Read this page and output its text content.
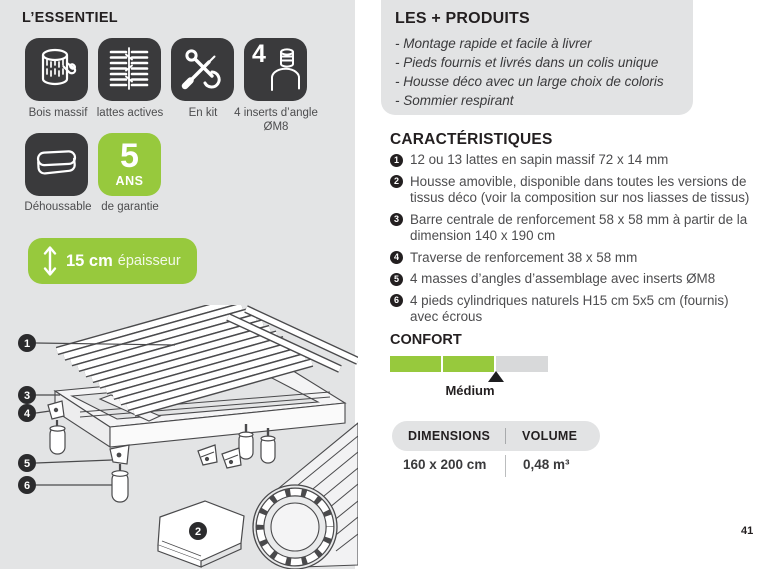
L’ESSENTIEL
4
Bois massif lattes actives	En kit	4 inserts d’angle ØM8
5
ANS
Déhoussable de garantie
15 cm épaisseur
1
3
4
5
6
2
LES + PRODUITS
- Montage rapide et facile à livrer
- Pieds fournis et livrés dans un colis unique
- Housse déco avec un large choix de coloris
- Sommier respirant
CARACTÉRISTIQUES
1 12 ou 13 lattes en sapin massif 72 x 14 mm
2 Housse amovible, disponible dans toutes les versions de tissus déco (voir la composition sur nos liasses de tissus)
3 Barre centrale de renforcement 58 x 58 mm à partir de la dimension 140 x 190 cm
4 Traverse de renforcement 38 x 58 mm
5 4 masses d’angles d’assemblage avec inserts ØM8
6 4 pieds cylindriques naturels H15 cm 5x5 cm (fournis) avec écrous
CONFORT
Médium
DIMENSIONS	VOLUME
160 x 200 cm	0,48 m³
41
